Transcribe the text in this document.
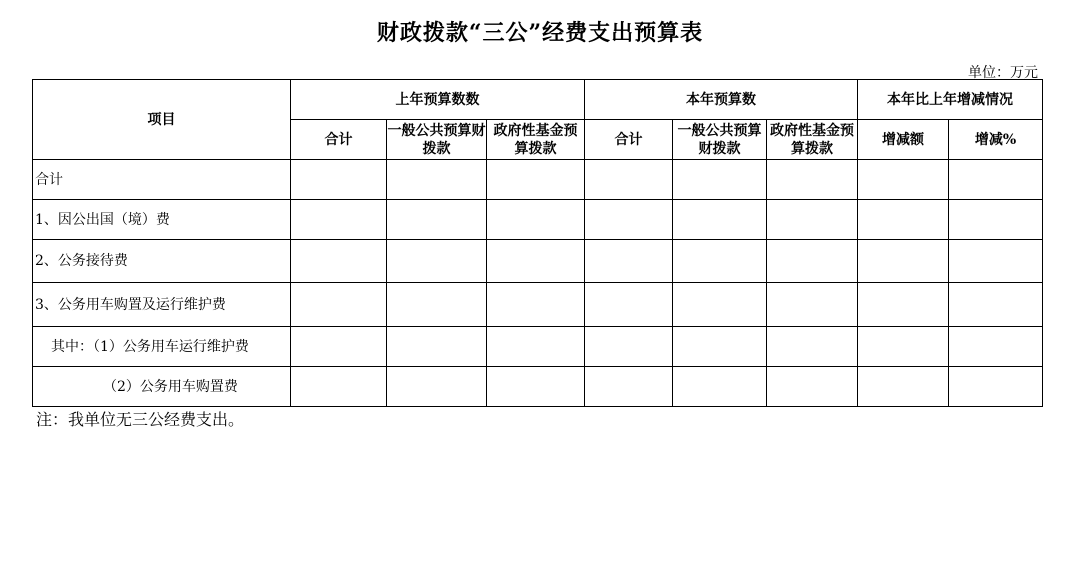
财政拨款“三公”经费支出预算表
单位：万元
项目	上年预算数数			本年预算数			本年比上年增减情况	
	合计	一般公共预算财拨款	政府性基金预算拨款	合计	一般公共预算财拨款	政府性基金预算拨款	增减额	增减%
合计								
1、因公出国（境）费								
2、公务接待费								
3、公务用车购置及运行维护费								
其中：（1）公务用车运行维护费								
（2）公务用车购置费								
注：我单位无三公经费支出。
